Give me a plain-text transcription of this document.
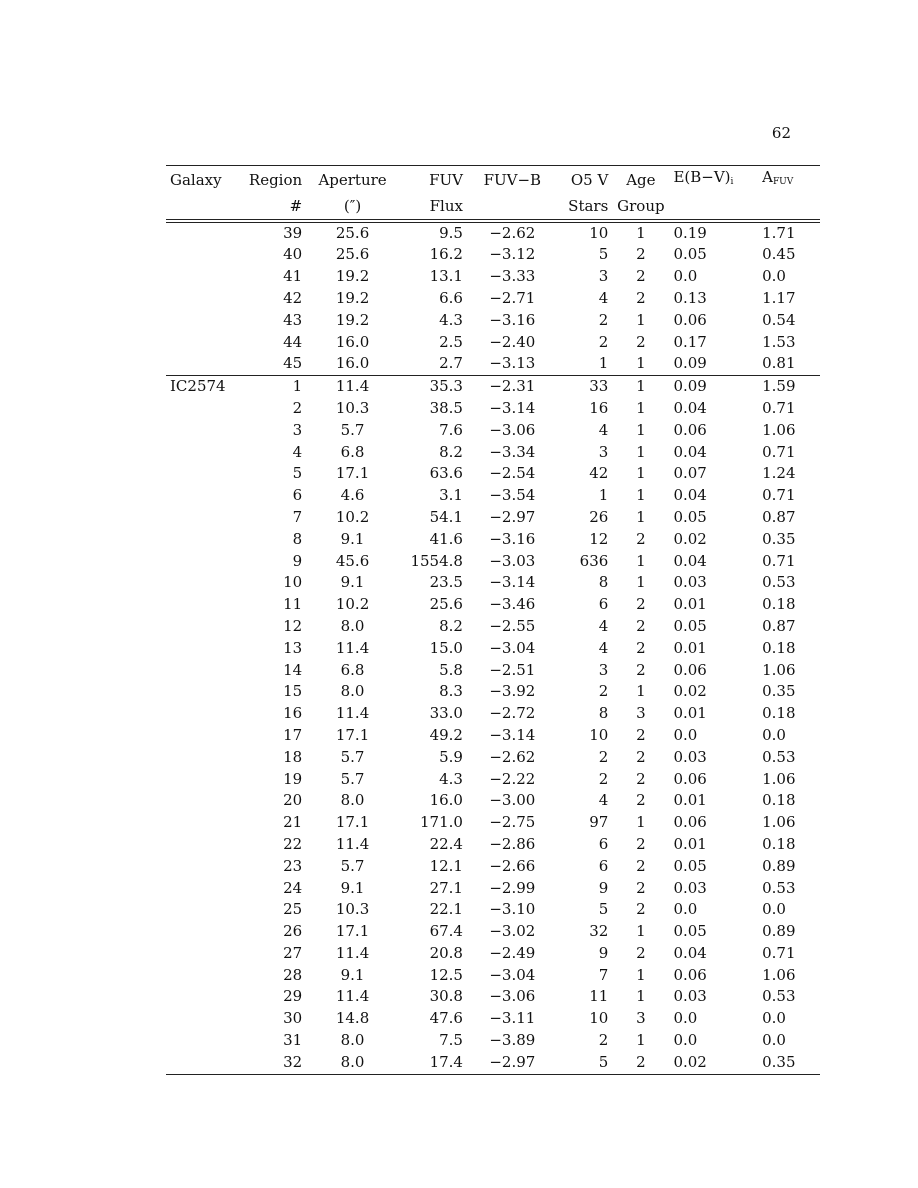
62
Galaxy	Region	Aperture	FUV	FUV−B	O5 V	Age	$E(B-V)_i$	$A_{FUV}$
	#	(″)	Flux		Stars	Group		
	39	25.6	9.5	−2.62	10	1	0.19	1.71
	40	25.6	16.2	−3.12	5	2	0.05	0.45
	41	19.2	13.1	−3.33	3	2	0.0	0.0
	42	19.2	6.6	−2.71	4	2	0.13	1.17
	43	19.2	4.3	−3.16	2	1	0.06	0.54
	44	16.0	2.5	−2.40	2	2	0.17	1.53
	45	16.0	2.7	−3.13	1	1	0.09	0.81
IC2574	1	11.4	35.3	−2.31	33	1	0.09	1.59
	2	10.3	38.5	−3.14	16	1	0.04	0.71
	3	5.7	7.6	−3.06	4	1	0.06	1.06
	4	6.8	8.2	−3.34	3	1	0.04	0.71
	5	17.1	63.6	−2.54	42	1	0.07	1.24
	6	4.6	3.1	−3.54	1	1	0.04	0.71
	7	10.2	54.1	−2.97	26	1	0.05	0.87
	8	9.1	41.6	−3.16	12	2	0.02	0.35
	9	45.6	1554.8	−3.03	636	1	0.04	0.71
	10	9.1	23.5	−3.14	8	1	0.03	0.53
	11	10.2	25.6	−3.46	6	2	0.01	0.18
	12	8.0	8.2	−2.55	4	2	0.05	0.87
	13	11.4	15.0	−3.04	4	2	0.01	0.18
	14	6.8	5.8	−2.51	3	2	0.06	1.06
	15	8.0	8.3	−3.92	2	1	0.02	0.35
	16	11.4	33.0	−2.72	8	3	0.01	0.18
	17	17.1	49.2	−3.14	10	2	0.0	0.0
	18	5.7	5.9	−2.62	2	2	0.03	0.53
	19	5.7	4.3	−2.22	2	2	0.06	1.06
	20	8.0	16.0	−3.00	4	2	0.01	0.18
	21	17.1	171.0	−2.75	97	1	0.06	1.06
	22	11.4	22.4	−2.86	6	2	0.01	0.18
	23	5.7	12.1	−2.66	6	2	0.05	0.89
	24	9.1	27.1	−2.99	9	2	0.03	0.53
	25	10.3	22.1	−3.10	5	2	0.0	0.0
	26	17.1	67.4	−3.02	32	1	0.05	0.89
	27	11.4	20.8	−2.49	9	2	0.04	0.71
	28	9.1	12.5	−3.04	7	1	0.06	1.06
	29	11.4	30.8	−3.06	11	1	0.03	0.53
	30	14.8	47.6	−3.11	10	3	0.0	0.0
	31	8.0	7.5	−3.89	2	1	0.0	0.0
	32	8.0	17.4	−2.97	5	2	0.02	0.35
